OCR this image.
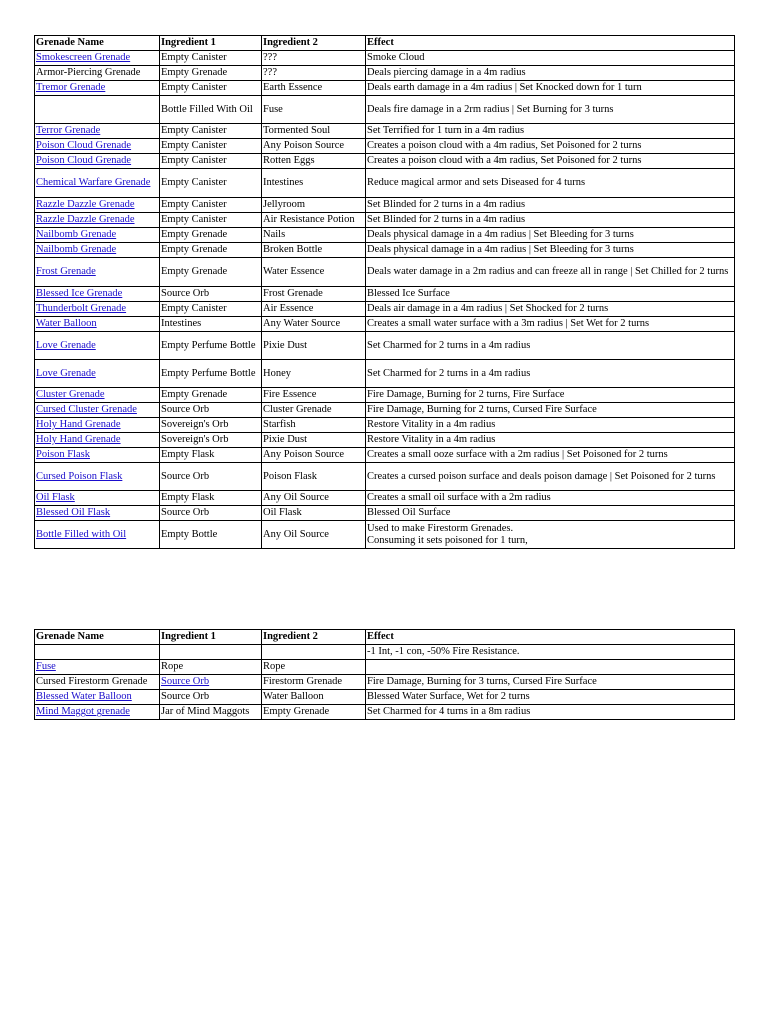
Grenade Name	Ingredient 1	Ingredient 2	Effect
Smokescreen Grenade	Empty Canister	???	Smoke Cloud
Armor-Piercing Grenade	Empty Grenade	???	Deals piercing damage in a 4m radius
Tremor Grenade	Empty Canister	Earth Essence	Deals earth damage in a 4m radius | Set Knocked down for 1 turn
	Bottle Filled With Oil	Fuse	Deals fire damage in a 2rm radius | Set Burning for 3 turns
Terror Grenade	Empty Canister	Tormented Soul	Set Terrified for 1 turn in a 4m radius
Poison Cloud Grenade	Empty Canister	Any Poison Source	Creates a poison cloud with a 4m radius, Set Poisoned for 2 turns
Poison Cloud Grenade	Empty Canister	Rotten Eggs	Creates a poison cloud with a 4m radius, Set Poisoned for 2 turns
Chemical Warfare Grenade	Empty Canister	Intestines	Reduce magical armor and sets Diseased for 4 turns
Razzle Dazzle Grenade	Empty Canister	Jellyroom	Set Blinded for 2 turns in a 4m radius
Razzle Dazzle Grenade	Empty Canister	Air Resistance Potion	Set Blinded for 2 turns in a 4m radius
Nailbomb Grenade	Empty Grenade	Nails	Deals physical damage in a 4m radius | Set Bleeding for 3 turns
Nailbomb Grenade	Empty Grenade	Broken Bottle	Deals physical damage in a 4m radius | Set Bleeding for 3 turns
Frost Grenade	Empty Grenade	Water Essence	Deals water damage in a 2m radius and can freeze all in range | Set Chilled for 2 turns
Blessed Ice Grenade	Source Orb	Frost Grenade	Blessed Ice Surface
Thunderbolt Grenade	Empty Canister	Air Essence	Deals air damage in a 4m radius | Set Shocked for 2 turns
Water Balloon	Intestines	Any Water Source	Creates a small water surface with a 3m radius | Set Wet for 2 turns
Love Grenade	Empty Perfume Bottle	Pixie Dust	Set Charmed for 2 turns in a 4m radius
Love Grenade	Empty Perfume Bottle	Honey	Set Charmed for 2 turns in a 4m radius
Cluster Grenade	Empty Grenade	Fire Essence	Fire Damage, Burning for 2 turns, Fire Surface
Cursed Cluster Grenade	Source Orb	Cluster Grenade	Fire Damage, Burning for 2 turns, Cursed Fire Surface
Holy Hand Grenade	Sovereign's Orb	Starfish	Restore Vitality in a 4m radius
Holy Hand Grenade	Sovereign's Orb	Pixie Dust	Restore Vitality in a 4m radius
Poison Flask	Empty Flask	Any Poison Source	Creates a small ooze surface with a 2m radius | Set Poisoned for 2 turns
Cursed Poison Flask	Source Orb	Poison Flask	Creates a cursed poison surface and deals poison damage | Set Poisoned for 2 turns
Oil Flask	Empty Flask	Any Oil Source	Creates a small oil surface with a 2m radius
Blessed Oil Flask	Source Orb	Oil Flask	Blessed Oil Surface
Bottle Filled with Oil	Empty Bottle	Any Oil Source	Used to make Firestorm Grenades.
Consuming it sets poisoned for 1 turn,
Grenade Name	Ingredient 1	Ingredient 2	Effect
			-1 Int, -1 con, -50% Fire Resistance.
Fuse	Rope	Rope	
Cursed Firestorm Grenade	Source Orb	Firestorm Grenade	Fire Damage, Burning for 3 turns, Cursed Fire Surface
Blessed Water Balloon	Source Orb	Water Balloon	Blessed Water Surface, Wet for 2 turns
Mind Maggot grenade	Jar of Mind Maggots	Empty Grenade	Set Charmed for 4 turns in a 8m radius
